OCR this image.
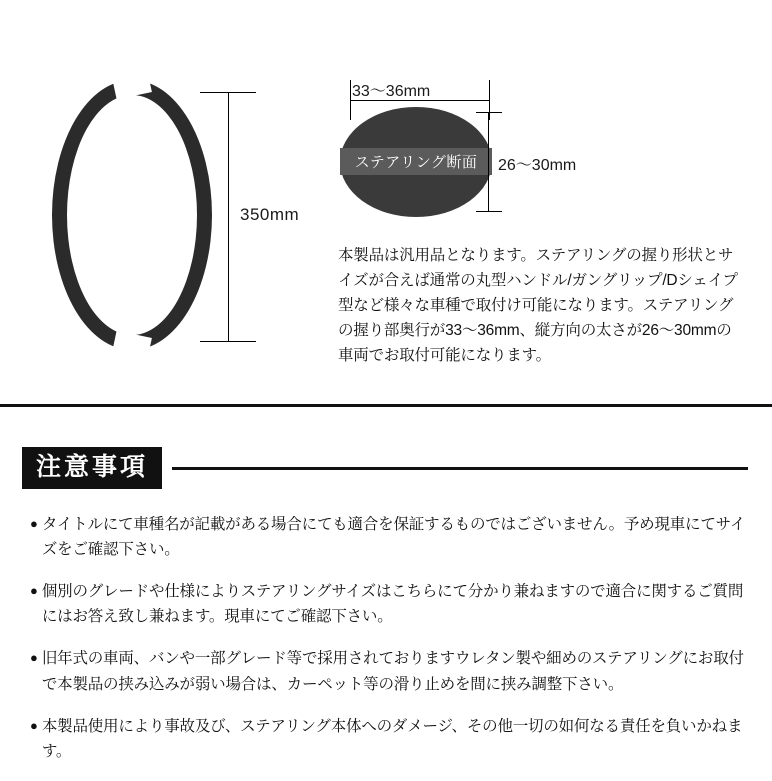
350mm
ステアリング断面
33〜36mm
26〜30mm

本製品は汎用品となります。ステアリングの握り形状とサイズが合えば通常の丸型ハンドル/ガングリップ/Dシェイプ型など様々な車種で取付け可能になります。ステアリングの握り部奥行が33〜36mm、縦方向の太さが26〜30mmの車両でお取付可能になります。

注意事項
● タイトルにて車種名が記載がある場合にても適合を保証するものではございません。予め現車にてサイズをご確認下さい。
● 個別のグレードや仕様によりステアリングサイズはこちらにて分かり兼ねますので適合に関するご質問にはお答え致し兼ねます。現車にてご確認下さい。
● 旧年式の車両、バンや一部グレード等で採用されておりますウレタン製や細めのステアリングにお取付で本製品の挟み込みが弱い場合は、カーペット等の滑り止めを間に挟み調整下さい。
● 本製品使用により事故及び、ステアリング本体へのダメージ、その他一切の如何なる責任を負いかねます。
